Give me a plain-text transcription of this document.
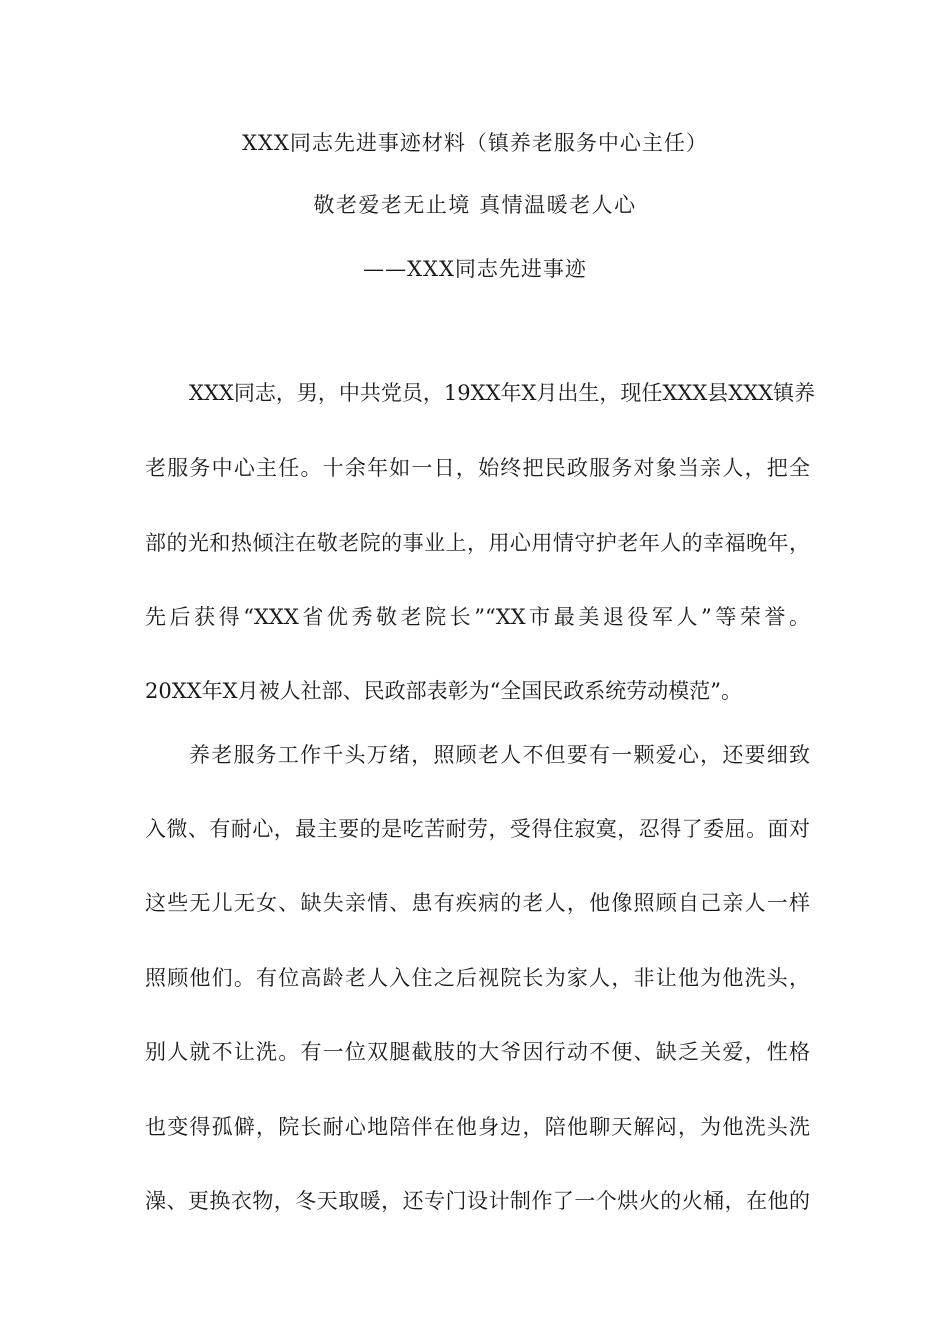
XXX同志先进事迹材料（镇养老服务中心主任）
敬老爱老无止境 真情温暖老人心
——XXX同志先进事迹
XXX同志，男，中共党员，19XX年X月出生，现任XXX县XXX镇养
老服务中心主任。十余年如一日，始终把民政服务对象当亲人，把全
部的光和热倾注在敬老院的事业上，用心用情守护老年人的幸福晚年，
先后获得“XXX省优秀敬老院长”“XX市最美退役军人”等荣誉。
20XX年X月被人社部、民政部表彰为“全国民政系统劳动模范”。
养老服务工作千头万绪，照顾老人不但要有一颗爱心，还要细致
入微、有耐心，最主要的是吃苦耐劳，受得住寂寞，忍得了委屈。面对
这些无儿无女、缺失亲情、患有疾病的老人，他像照顾自己亲人一样
照顾他们。有位高龄老人入住之后视院长为家人，非让他为他洗头，
别人就不让洗。有一位双腿截肢的大爷因行动不便、缺乏关爱，性格
也变得孤僻，院长耐心地陪伴在他身边，陪他聊天解闷，为他洗头洗
澡、更换衣物，冬天取暖，还专门设计制作了一个烘火的火桶，在他的
